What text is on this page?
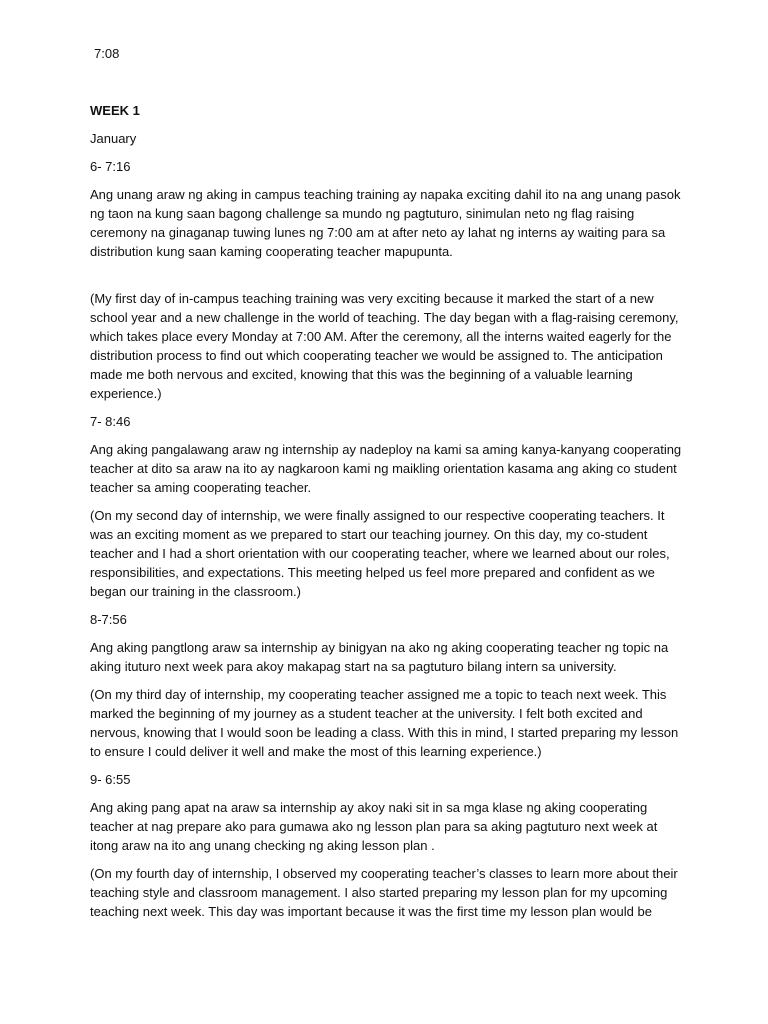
7:08
WEEK 1
January
6- 7:16
Ang unang araw ng aking in campus teaching training ay napaka exciting dahil ito na ang unang pasok ng taon na kung saan bagong challenge sa mundo ng pagtuturo, sinimulan neto ng flag raising ceremony na ginaganap tuwing lunes ng 7:00 am at after neto ay lahat ng interns ay waiting para sa distribution kung saan kaming cooperating teacher mapupunta.
(My first day of in-campus teaching training was very exciting because it marked the start of a new school year and a new challenge in the world of teaching. The day began with a flag-raising ceremony, which takes place every Monday at 7:00 AM. After the ceremony, all the interns waited eagerly for the distribution process to find out which cooperating teacher we would be assigned to. The anticipation made me both nervous and excited, knowing that this was the beginning of a valuable learning experience.)
7- 8:46
Ang aking pangalawang araw ng internship ay nadeploy na kami sa aming kanya-kanyang cooperating teacher at dito sa araw na ito ay nagkaroon kami ng maikling orientation kasama ang aking co student teacher sa aming cooperating teacher.
(On my second day of internship, we were finally assigned to our respective cooperating teachers. It was an exciting moment as we prepared to start our teaching journey. On this day, my co-student teacher and I had a short orientation with our cooperating teacher, where we learned about our roles, responsibilities, and expectations. This meeting helped us feel more prepared and confident as we began our training in the classroom.)
8-7:56
Ang aking pangtlong araw sa internship ay binigyan na ako ng aking cooperating teacher ng topic na aking ituturo next week para akoy makapag start na sa pagtuturo bilang intern sa university.
(On my third day of internship, my cooperating teacher assigned me a topic to teach next week. This marked the beginning of my journey as a student teacher at the university. I felt both excited and nervous, knowing that I would soon be leading a class. With this in mind, I started preparing my lesson to ensure I could deliver it well and make the most of this learning experience.)
9- 6:55
Ang aking pang apat na araw sa internship ay akoy naki sit in sa mga klase ng aking cooperating teacher at nag prepare ako para gumawa ako ng lesson plan para sa aking pagtuturo next week at itong araw na ito ang unang checking ng aking lesson plan .
(On my fourth day of internship, I observed my cooperating teacher’s classes to learn more about their teaching style and classroom management. I also started preparing my lesson plan for my upcoming teaching next week. This day was important because it was the first time my lesson plan would be
